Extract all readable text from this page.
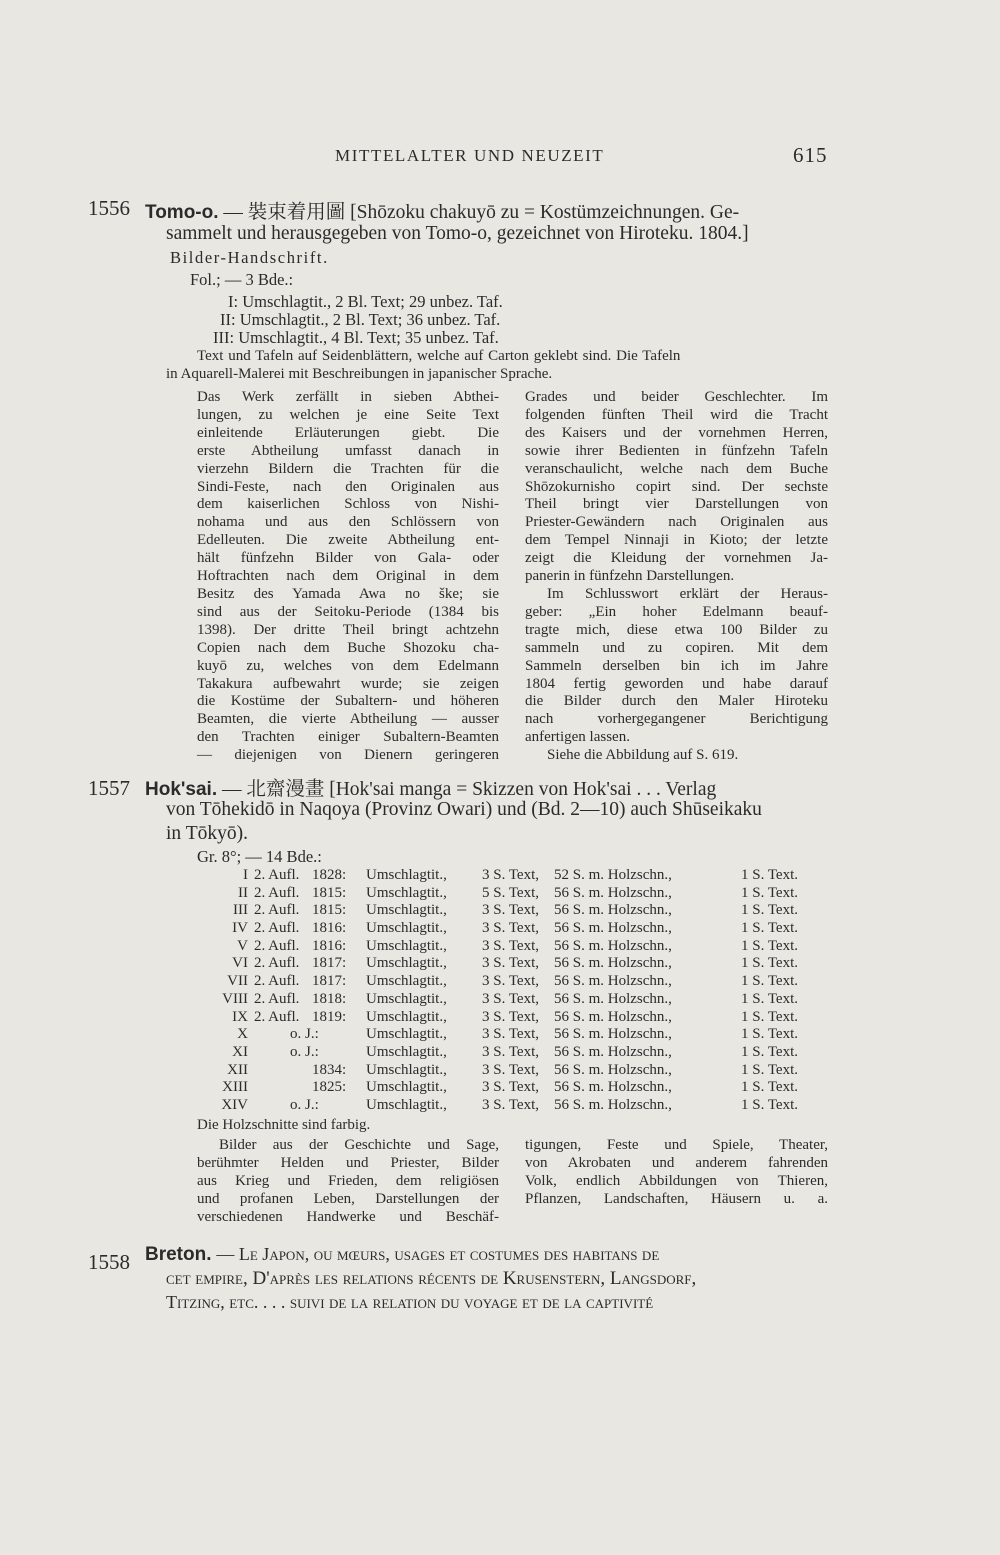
MITTELALTER UND NEUZEIT	615
1556 Tomo-o. — 裝束着用圖 [Shōzoku chakuyō zu = Kostümzeichnungen. Ge-
sammelt und herausgegeben von Tomo-o, gezeichnet von Hiroteku. 1804.]
Bilder-Handschrift.
Fol.; — 3 Bde.:
I: Umschlagtit., 2 Bl. Text; 29 unbez. Taf.
II: Umschlagtit., 2 Bl. Text; 36 unbez. Taf.
III: Umschlagtit., 4 Bl. Text; 35 unbez. Taf.
Text und Tafeln auf Seidenblättern, welche auf Carton geklebt sind. Die Tafeln
in Aquarell-Malerei mit Beschreibungen in japanischer Sprache.
Das Werk zerfällt in sieben Abthei-
lungen, zu welchen je eine Seite Text
einleitende Erläuterungen giebt. Die
erste Abtheilung umfasst danach in
vierzehn Bildern die Trachten für die
Sindi-Feste, nach den Originalen aus
dem kaiserlichen Schloss von Nishi-
nohama und aus den Schlössern von
Edelleuten. Die zweite Abtheilung ent-
hält fünfzehn Bilder von Gala- oder
Hoftrachten nach dem Original in dem
Besitz des Yamada Awa no ške; sie
sind aus der Seitoku-Periode (1384 bis
1398). Der dritte Theil bringt achtzehn
Copien nach dem Buche Shozoku cha-
kuyō zu, welches von dem Edelmann
Takakura aufbewahrt wurde; sie zeigen
die Kostüme der Subaltern- und höheren
Beamten, die vierte Abtheilung — ausser
den Trachten einiger Subaltern-Beamten
— diejenigen von Dienern geringeren
Grades und beider Geschlechter. Im
folgenden fünften Theil wird die Tracht
des Kaisers und der vornehmen Herren,
sowie ihrer Bedienten in fünfzehn Tafeln
veranschaulicht, welche nach dem Buche
Shōzokurnisho copirt sind. Der sechste
Theil bringt vier Darstellungen von
Priester-Gewändern nach Originalen aus
dem Tempel Ninnaji in Kioto; der letzte
zeigt die Kleidung der vornehmen Ja-
panerin in fünfzehn Darstellungen.
Im Schlusswort erklärt der Heraus-
geber: „Ein hoher Edelmann beauf-
tragte mich, diese etwa 100 Bilder zu
sammeln und zu copiren. Mit dem
Sammeln derselben bin ich im Jahre
1804 fertig geworden und habe darauf
die Bilder durch den Maler Hiroteku
nach vorhergegangener Berichtigung
anfertigen lassen.
Siehe die Abbildung auf S. 619.
1557 Hok'sai. — 北齋漫畫 [Hok'sai manga = Skizzen von Hok'sai . . . Verlag
von Tōhekidō in Naqoya (Provinz Owari) und (Bd. 2—10) auch Shūseikaku
in Tōkyō).
Gr. 8°; — 14 Bde.:
I 2. Aufl. 1828: Umschlagtit., 3 S. Text, 52 S. m. Holzschn.,	1 S. Text.
II 2. Aufl. 1815: Umschlagtit., 5 S. Text, 56 S. m. Holzschn.,	1 S. Text.
III 2. Aufl. 1815: Umschlagtit., 3 S. Text, 56 S. m. Holzschn.,	1 S. Text.
IV 2. Aufl. 1816: Umschlagtit., 3 S. Text, 56 S. m. Holzschn.,	1 S. Text.
V 2. Aufl. 1816: Umschlagtit., 3 S. Text, 56 S. m. Holzschn.,	1 S. Text.
VI 2. Aufl. 1817: Umschlagtit., 3 S. Text, 56 S. m. Holzschn.,	1 S. Text.
VII 2. Aufl. 1817: Umschlagtit., 3 S. Text, 56 S. m. Holzschn.,	1 S. Text.
VIII 2. Aufl. 1818: Umschlagtit., 3 S. Text, 56 S. m. Holzschn.,	1 S. Text.
IX 2. Aufl. 1819: Umschlagtit., 3 S. Text, 56 S. m. Holzschn.,	1 S. Text.
X	o. J.:	Umschlagtit., 3 S. Text, 56 S. m. Holzschn.,	1 S. Text.
XI	o. J.:	Umschlagtit., 3 S. Text, 56 S. m. Holzschn.,	1 S. Text.
XII	1834: Umschlagtit., 3 S. Text, 56 S. m. Holzschn.,	1 S. Text.
XIII	1825: Umschlagtit., 3 S. Text, 56 S. m. Holzschn.,	1 S. Text.
XIV	o. J.:	Umschlagtit., 3 S. Text, 56 S. m. Holzschn.,	1 S. Text.
Die Holzschnitte sind farbig.
Bilder aus der Geschichte und Sage,
berühmter Helden und Priester, Bilder
aus Krieg und Frieden, dem religiösen
und profanen Leben, Darstellungen der
verschiedenen Handwerke und Beschäf-
tigungen, Feste und Spiele, Theater,
von Akrobaten und anderem fahrenden
Volk, endlich Abbildungen von Thieren,
Pflanzen, Landschaften, Häusern u. a.
1558 Breton. — Le Japon, ou mœurs, usages et costumes des habitans de
cet empire, D'après les relations récents de Krusenstern, Langsdorf,
Titzing, etc. . . . suivi de la relation du voyage et de la captivité
